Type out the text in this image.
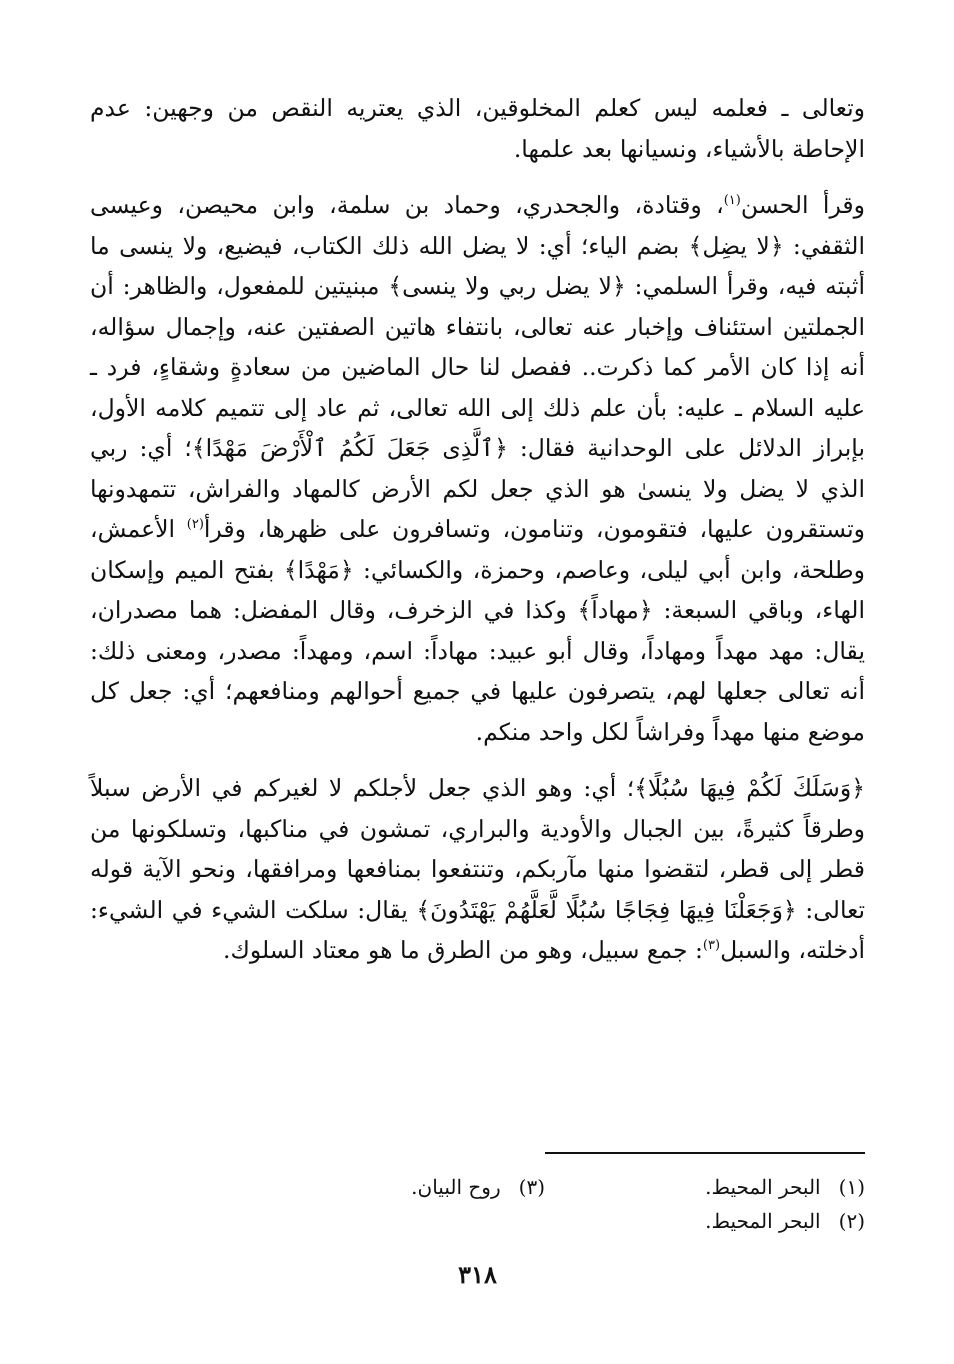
وتعالى ـ فعلمه ليس كعلم المخلوقين، الذي يعتريه النقص من وجهين: عدم الإحاطة بالأشياء، ونسيانها بعد علمها.

وقرأ الحسن$^{(١)}$، وقتادة، والجحدري، وحماد بن سلمة، وابن محيصن، وعيسى الثقفي: ﴿لا يضِل﴾ بضم الياء؛ أي: لا يضل الله ذلك الكتاب، فيضيع، ولا ينسى ما أثبته فيه، وقرأ السلمي: ﴿لا يضل ربي ولا ينسى﴾ مبنيتين للمفعول، والظاهر: أن الجملتين استئناف وإخبار عنه تعالى، بانتفاء هاتين الصفتين عنه، وإجمال سؤاله، أنه إذا كان الأمر كما ذكرت.. ففصل لنا حال الماضين من سعادةٍ وشقاءٍ، فرد ـ عليه السلام ـ عليه: بأن علم ذلك إلى الله تعالى، ثم عاد إلى تتميم كلامه الأول، بإبراز الدلائل على الوحدانية فقال: ﴿ٱلَّذِى جَعَلَ لَكُمُ ٱلْأَرْضَ مَهْدًا﴾؛ أي: ربي الذي لا يضل ولا ينسىٰ هو الذي جعل لكم الأرض كالمهاد والفراش، تتمهدونها وتستقرون عليها، فتقومون، وتنامون، وتسافرون على ظهرها، وقرأ$^{(٢)}$ الأعمش، وطلحة، وابن أبي ليلى، وعاصم، وحمزة، والكسائي: ﴿مَهْدًا﴾ بفتح الميم وإسكان الهاء، وباقي السبعة: ﴿مهاداً﴾ وكذا في الزخرف، وقال المفضل: هما مصدران، يقال: مهد مهداً ومهاداً، وقال أبو عبيد: مهاداً: اسم، ومهداً: مصدر، ومعنى ذلك: أنه تعالى جعلها لهم، يتصرفون عليها في جميع أحوالهم ومنافعهم؛ أي: جعل كل موضع منها مهداً وفراشاً لكل واحد منكم.

﴿وَسَلَكَ لَكُمْ فِيهَا سُبُلًا﴾؛ أي: وهو الذي جعل لأجلكم لا لغيركم في الأرض سبلاً وطرقاً كثيرةً، بين الجبال والأودية والبراري، تمشون في مناكبها، وتسلكونها من قطر إلى قطر، لتقضوا منها مآربكم، وتنتفعوا بمنافعها ومرافقها، ونحو الآية قوله تعالى: ﴿وَجَعَلْنَا فِيهَا فِجَاجًا سُبُلًا لَّعَلَّهُمْ يَهْتَدُونَ﴾ يقال: سلكت الشيء في الشيء: أدخلته، والسبل$^{(٣)}$: جمع سبيل، وهو من الطرق ما هو معتاد السلوك.

(١)البحر المحيط.
(٣)روح البيان.
(٢)البحر المحيط.
٣١٨
